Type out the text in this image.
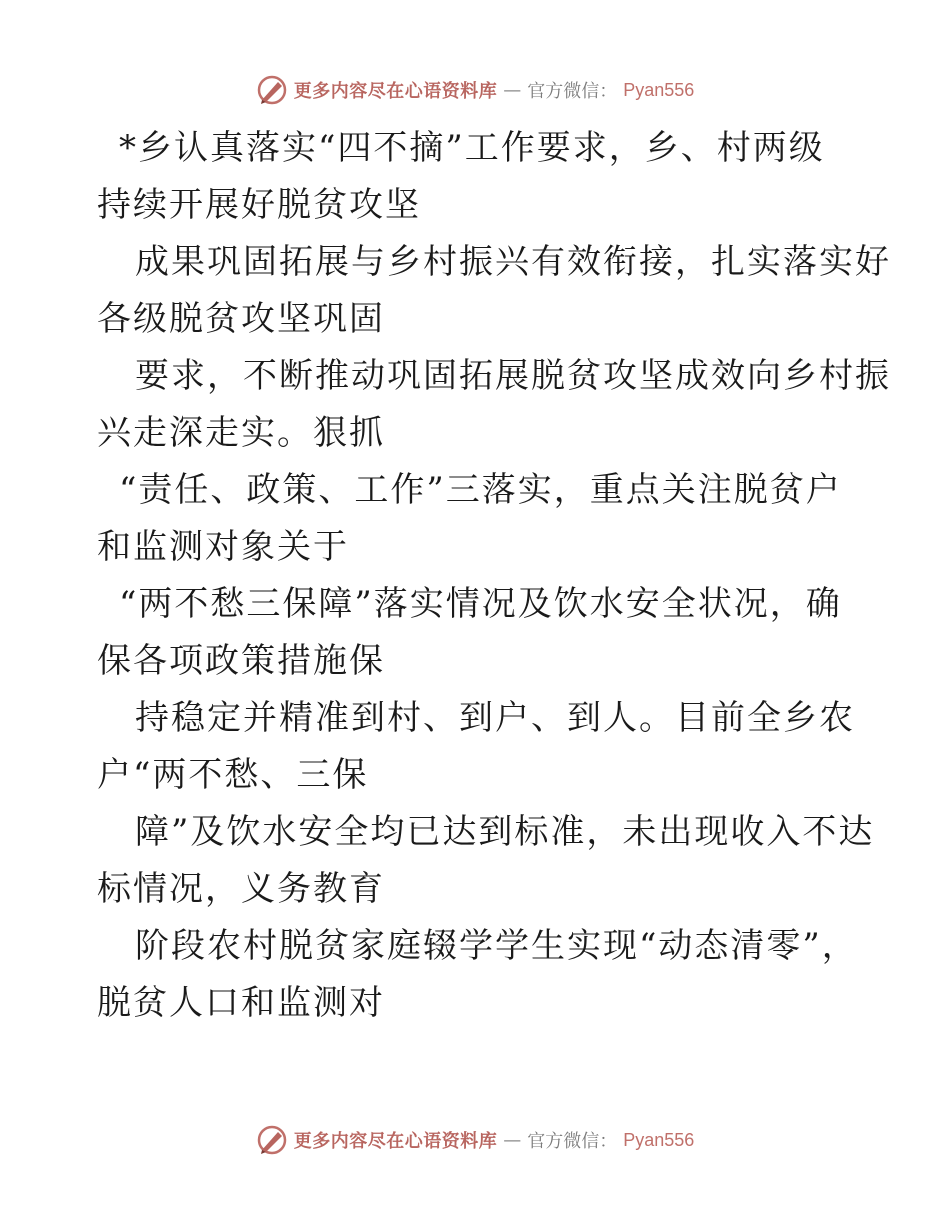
更多内容尽在心语资料库 — 官方微信： Pyan556
*乡认真落实“四不摘”工作要求，乡、村两级
持续开展好脱贫攻坚
成果巩固拓展与乡村振兴有效衔接，扎实落实好
各级脱贫攻坚巩固
要求，不断推动巩固拓展脱贫攻坚成效向乡村振
兴走深走实。狠抓
“责任、政策、工作”三落实，重点关注脱贫户
和监测对象关于
“两不愁三保障”落实情况及饮水安全状况，确
保各项政策措施保
持稳定并精准到村、到户、到人。目前全乡农
户“两不愁、三保
障”及饮水安全均已达到标准，未出现收入不达
标情况，义务教育
阶段农村脱贫家庭辍学学生实现“动态清零”，
脱贫人口和监测对
更多内容尽在心语资料库 — 官方微信： Pyan556
